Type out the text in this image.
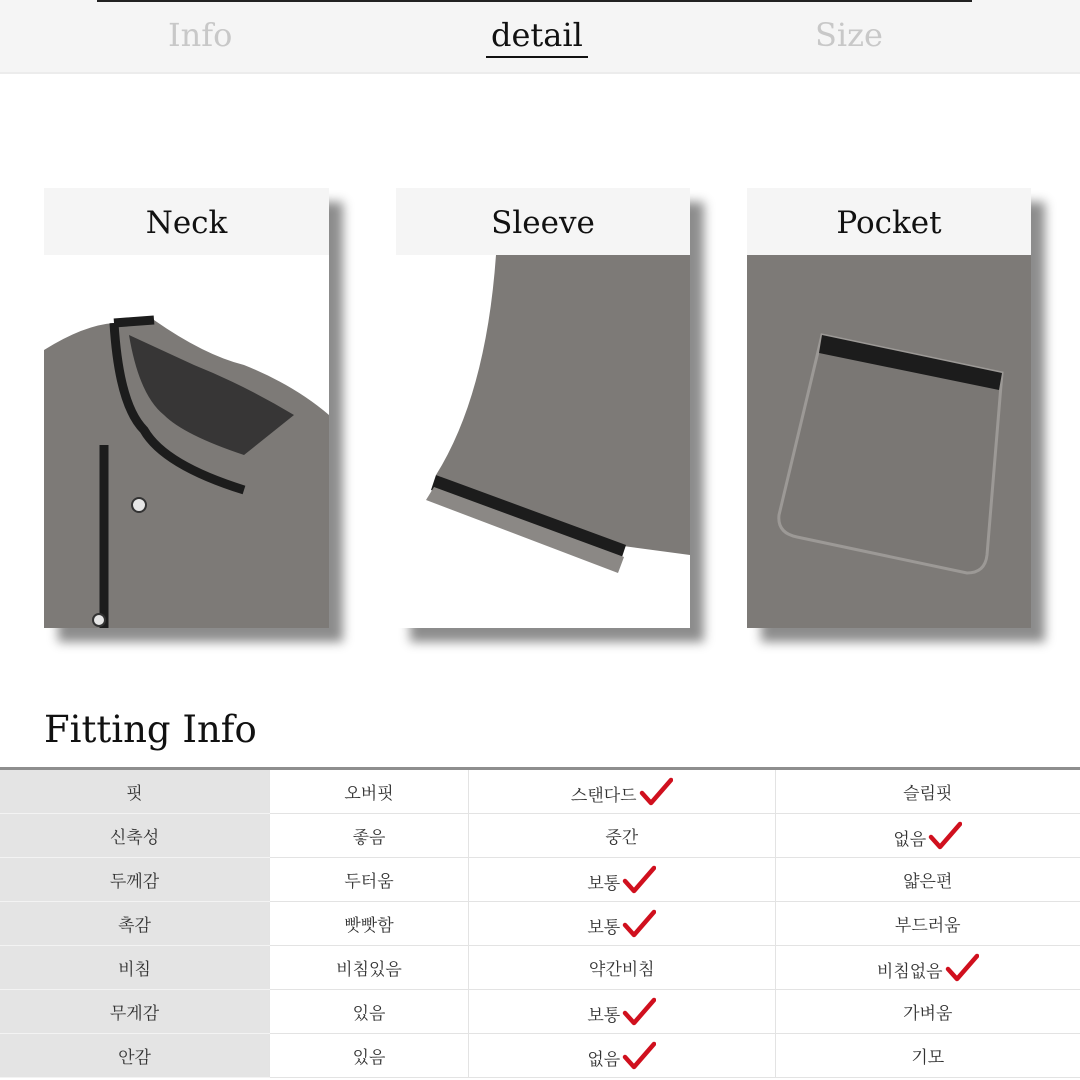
Info	detail	Size
Neck	Sleeve	Pocket
Fitting Info
핏	오버핏	스탠다드	슬림핏
신축성	좋음	중간	없음
두께감	두터움	보통	얇은편
촉감	빳빳함	보통	부드러움
비침	비침있음	약간비침	비침없음
무게감	있음	보통	가벼움
안감	있음	없음	기모
